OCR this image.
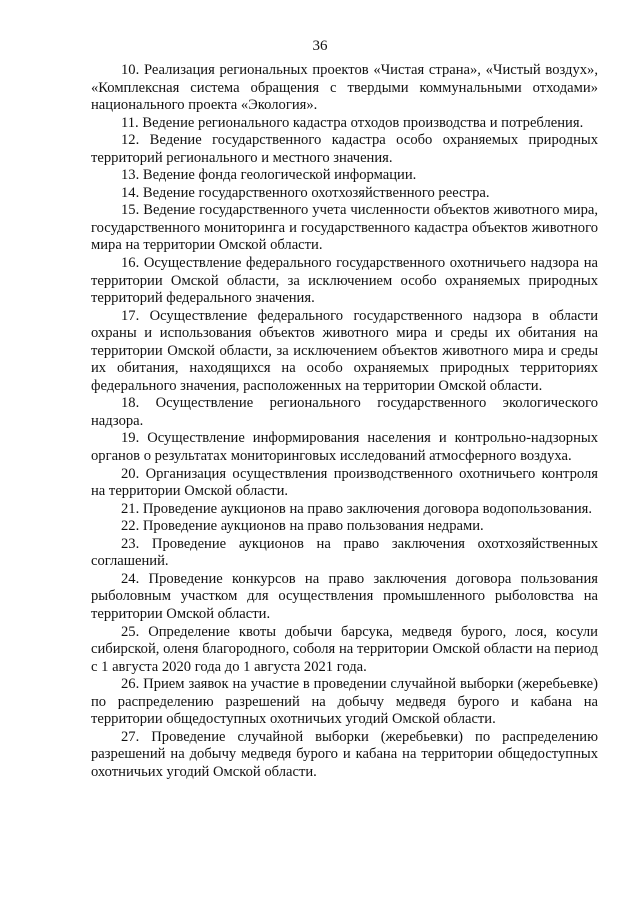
36

10. Реализация региональных проектов «Чистая страна», «Чистый воздух», «Комплексная система обращения с твердыми коммунальными отходами» национального проекта «Экология».

11. Ведение регионального кадастра отходов производства и потребления.

12. Ведение государственного кадастра особо охраняемых природных территорий регионального и местного значения.

13. Ведение фонда геологической информации.

14. Ведение государственного охотхозяйственного реестра.

15. Ведение государственного учета численности объектов животного мира, государственного мониторинга и государственного кадастра объектов животного мира на территории Омской области.

16. Осуществление федерального государственного охотничьего надзора на территории Омской области, за исключением особо охраняемых природных территорий федерального значения.

17. Осуществление федерального государственного надзора в области охраны и использования объектов животного мира и среды их обитания на территории Омской области, за исключением объектов животного мира и среды их обитания, находящихся на особо охраняемых природных территориях федерального значения, расположенных на территории Омской области.

18. Осуществление регионального государственного экологического надзора.

19. Осуществление информирования населения и контрольно-надзорных органов о результатах мониторинговых исследований атмосферного воздуха.

20. Организация осуществления производственного охотничьего контроля на территории Омской области.

21. Проведение аукционов на право заключения договора водопользования.

22. Проведение аукционов на право пользования недрами.

23. Проведение аукционов на право заключения охотхозяйственных соглашений.

24. Проведение конкурсов на право заключения договора пользования рыболовным участком для осуществления промышленного рыболовства на территории Омской области.

25. Определение квоты добычи барсука, медведя бурого, лося, косули сибирской, оленя благородного, соболя на территории Омской области на период с 1 августа 2020 года до 1 августа 2021 года.

26. Прием заявок на участие в проведении случайной выборки (жеребьевке) по распределению разрешений на добычу медведя бурого и кабана на территории общедоступных охотничьих угодий Омской области.

27. Проведение случайной выборки (жеребьевки) по распределению разрешений на добычу медведя бурого и кабана на территории общедоступных охотничьих угодий Омской области.
